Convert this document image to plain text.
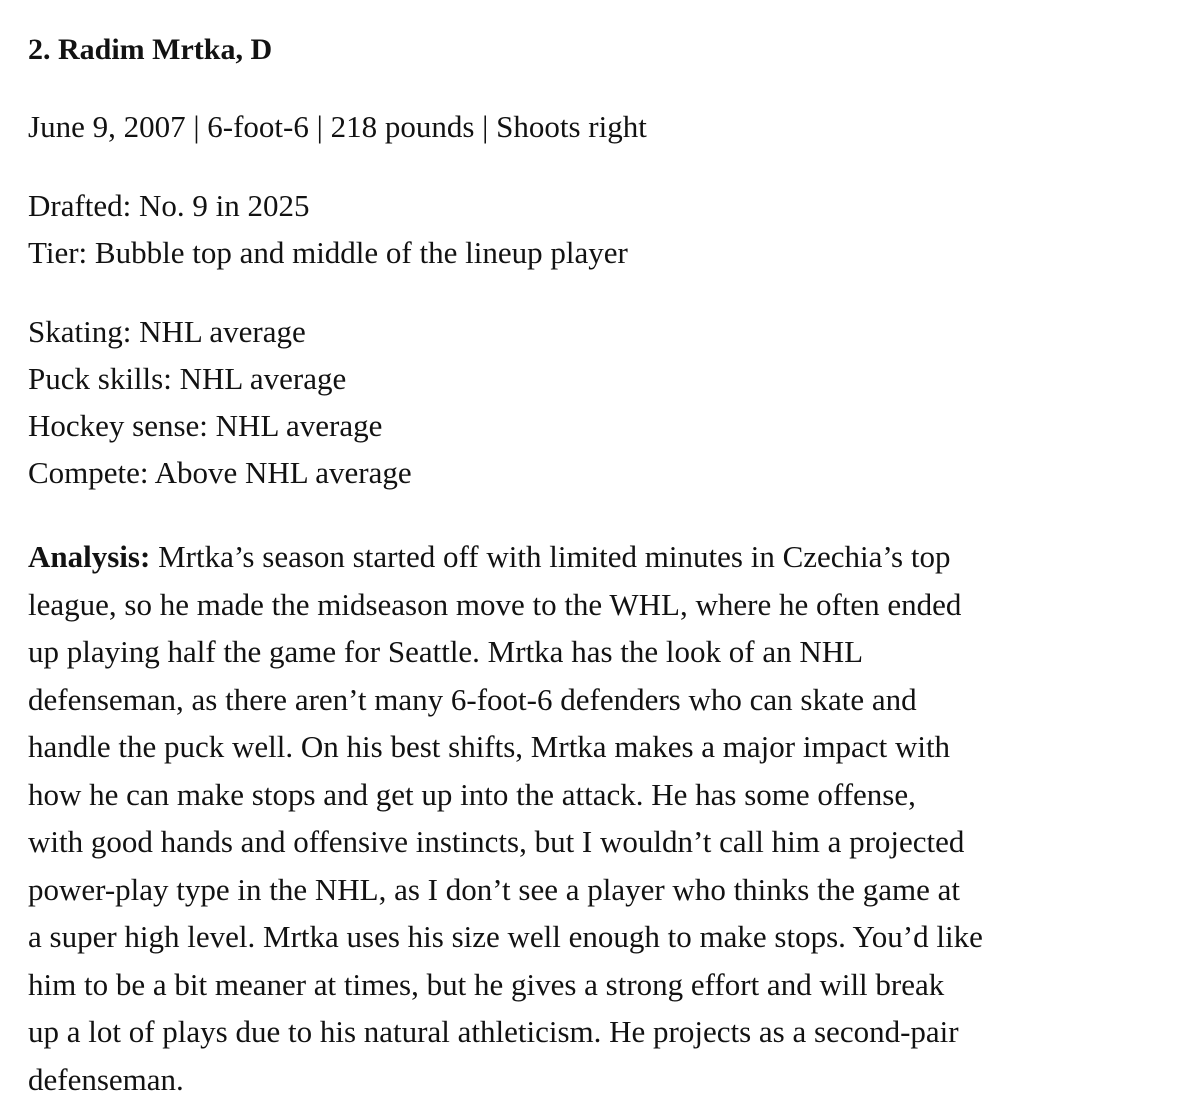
2. Radim Mrtka, D
June 9, 2007 | 6-foot-6 | 218 pounds | Shoots right
Drafted: No. 9 in 2025
Tier: Bubble top and middle of the lineup player
Skating: NHL average
Puck skills: NHL average
Hockey sense: NHL average
Compete: Above NHL average
Analysis: Mrtka’s season started off with limited minutes in Czechia’s top
league, so he made the midseason move to the WHL, where he often ended
up playing half the game for Seattle. Mrtka has the look of an NHL
defenseman, as there aren’t many 6-foot-6 defenders who can skate and
handle the puck well. On his best shifts, Mrtka makes a major impact with
how he can make stops and get up into the attack. He has some offense,
with good hands and offensive instincts, but I wouldn’t call him a projected
power-play type in the NHL, as I don’t see a player who thinks the game at
a super high level. Mrtka uses his size well enough to make stops. You’d like
him to be a bit meaner at times, but he gives a strong effort and will break
up a lot of plays due to his natural athleticism. He projects as a second-pair
defenseman.
